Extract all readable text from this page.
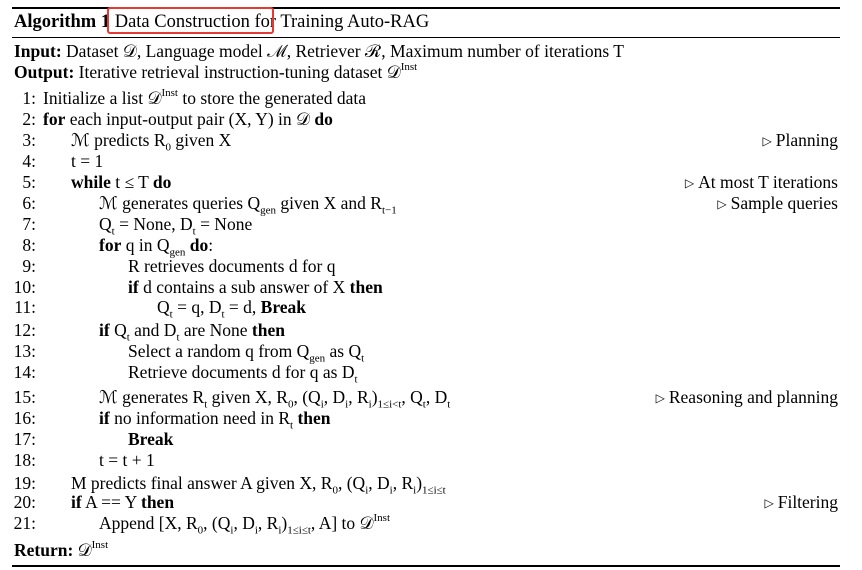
Algorithm 1 Data Construction for Training Auto-RAG
Input: Dataset 𝒟, Language model ℳ, Retriever ℛ, Maximum number of iterations T
Output: Iterative retrieval instruction-tuning dataset 𝒟$^{Inst}$
1: Initialize a list 𝒟$^{Inst}$ to store the generated data
2: for each input-output pair (X, Y) in 𝒟 do
3: ℳ predicts $R_0$ given X	▷ Planning
4: t = 1
5: while t ≤ T do	▷ At most T iterations
6:	ℳ generates queries $Q_{gen}$ given X and $R_{t-1}$	▷ Sample queries
7:	$Q_t$ = None, $D_t$ = None
8:	for q in $Q_{gen}$ do:
9:	R retrieves documents d for q
10:	if d contains a sub answer of X then
11:	$Q_t = q$, $D_t = d$, Break
12:	if $Q_t$ and $D_t$ are None then
13:	Select a random q from $Q_{gen}$ as $Q_t$
14:	Retrieve documents d for q as $D_t$
15:	ℳ generates $R_t$ given X, $R_0$, ($Q_i$, $D_i$, $R_i)_{1\le i<t}$, $Q_t$, $D_t$	▷ Reasoning and planning
16:	if no information need in $R_t$ then
17:	Break
18:	t = t + 1
19: M predicts final answer A given X, $R_0$, ($Q_i$, $D_i$, $R_i)_{1\le i\le t}$
20: if A == Y then	▷ Filtering
21:	Append [X, $R_0$, ($Q_i$, $D_i$, $R_i)_{1\le i\le t}$, A] to 𝒟$^{Inst}$
Return: 𝒟$^{Inst}$
